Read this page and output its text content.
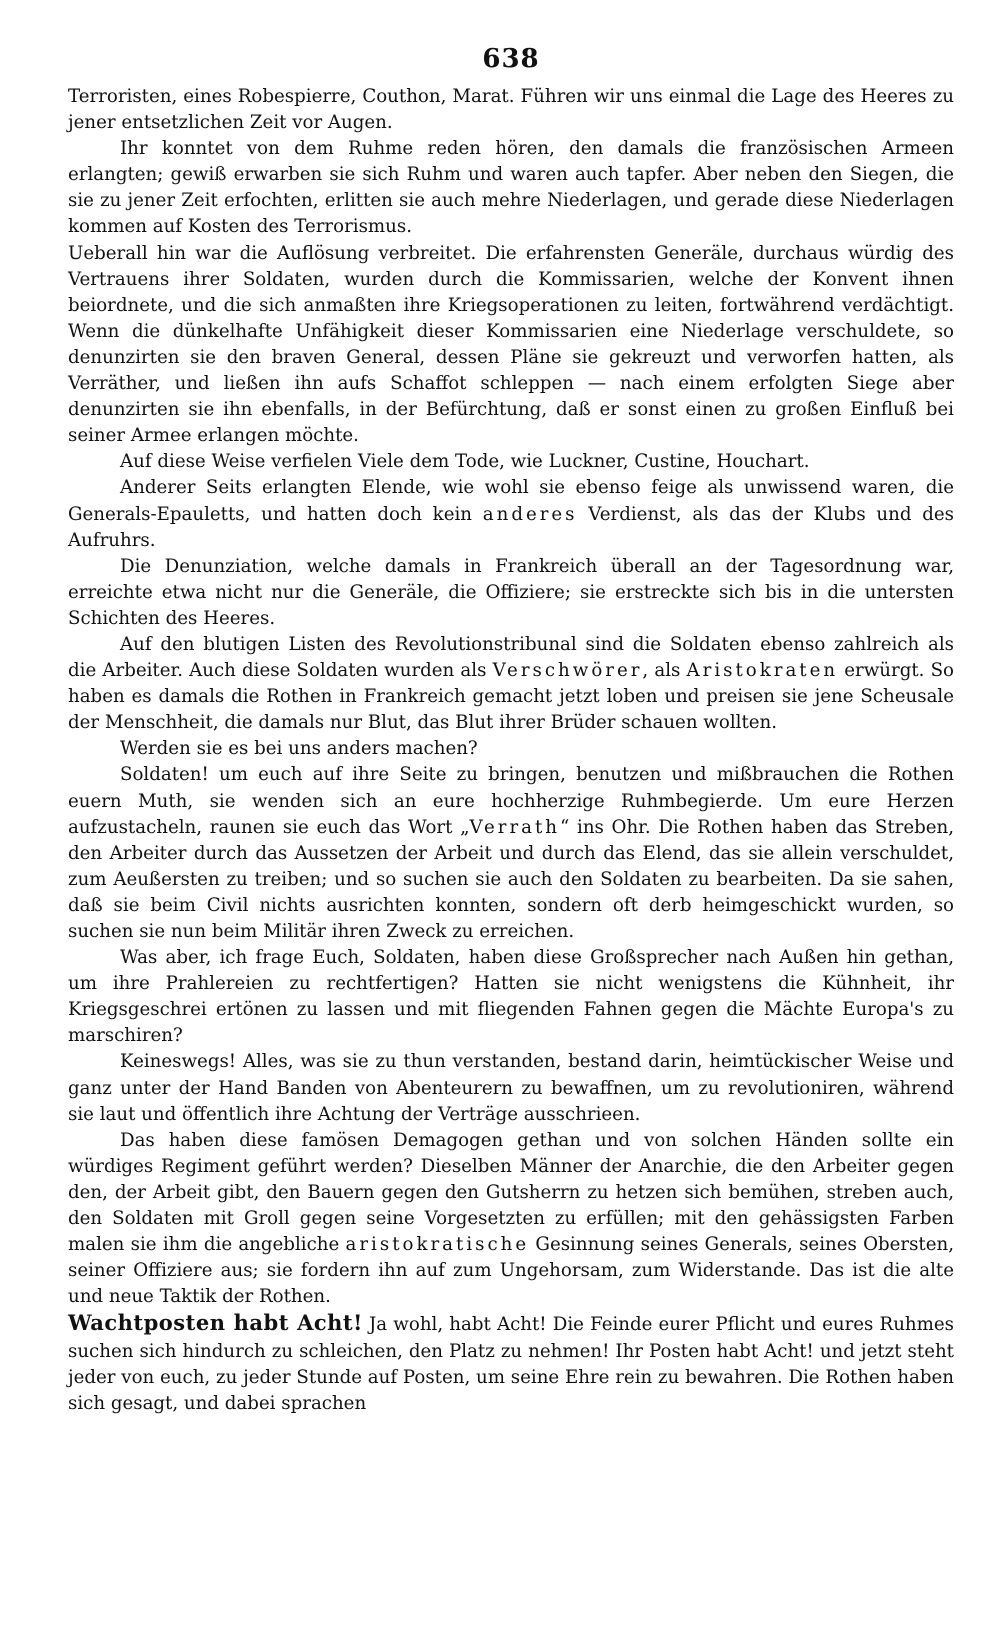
638

Terroristen, eines Robespierre, Couthon, Marat. Führen wir uns einmal die Lage des Heeres zu jener entsetzlichen Zeit vor Augen.

Ihr konntet von dem Ruhme reden hören, den damals die französischen Armeen erlangten; gewiß erwarben sie sich Ruhm und waren auch tapfer. Aber neben den Siegen, die sie zu jener Zeit erfochten, erlitten sie auch mehre Niederlagen, und gerade diese Niederlagen kommen auf Kosten des Terrorismus.

Ueberall hin war die Auflösung verbreitet. Die erfahrensten Generäle, durchaus würdig des Vertrauens ihrer Soldaten, wurden durch die Kommissarien, welche der Konvent ihnen beiordnete, und die sich anmaßten ihre Kriegsoperationen zu leiten, fortwährend verdächtigt. Wenn die dünkelhafte Unfähigkeit dieser Kommissarien eine Niederlage verschuldete, so denunzirten sie den braven General, dessen Pläne sie gekreuzt und verworfen hatten, als Verräther, und ließen ihn aufs Schaffot schleppen — nach einem erfolgten Siege aber denunzirten sie ihn ebenfalls, in der Befürchtung, daß er sonst einen zu großen Einfluß bei seiner Armee erlangen möchte.

Auf diese Weise verfielen Viele dem Tode, wie Luckner, Custine, Houchart.

Anderer Seits erlangten Elende, wie wohl sie ebenso feige als unwissend waren, die Generals-Epauletts, und hatten doch kein anderes Verdienst, als das der Klubs und des Aufruhrs.

Die Denunziation, welche damals in Frankreich überall an der Tagesordnung war, erreichte etwa nicht nur die Generäle, die Offiziere; sie erstreckte sich bis in die untersten Schichten des Heeres.

Auf den blutigen Listen des Revolutionstribunal sind die Soldaten ebenso zahlreich als die Arbeiter. Auch diese Soldaten wurden als Verschwörer, als Aristokraten erwürgt. So haben es damals die Rothen in Frankreich gemacht jetzt loben und preisen sie jene Scheusale der Menschheit, die damals nur Blut, das Blut ihrer Brüder schauen wollten.

Werden sie es bei uns anders machen?

Soldaten! um euch auf ihre Seite zu bringen, benutzen und mißbrauchen die Rothen euern Muth, sie wenden sich an eure hochherzige Ruhmbegierde. Um eure Herzen aufzustacheln, raunen sie euch das Wort „Verrath“ ins Ohr. Die Rothen haben das Streben, den Arbeiter durch das Aussetzen der Arbeit und durch das Elend, das sie allein verschuldet, zum Aeußersten zu treiben; und so suchen sie auch den Soldaten zu bearbeiten. Da sie sahen, daß sie beim Civil nichts ausrichten konnten, sondern oft derb heimgeschickt wurden, so suchen sie nun beim Militär ihren Zweck zu erreichen.

Was aber, ich frage Euch, Soldaten, haben diese Großsprecher nach Außen hin gethan, um ihre Prahlereien zu rechtfertigen? Hatten sie nicht wenigstens die Kühnheit, ihr Kriegsgeschrei ertönen zu lassen und mit fliegenden Fahnen gegen die Mächte Europa's zu marschiren?

Keineswegs! Alles, was sie zu thun verstanden, bestand darin, heimtückischer Weise und ganz unter der Hand Banden von Abenteurern zu bewaffnen, um zu revolutioniren, während sie laut und öffentlich ihre Achtung der Verträge ausschrieen.

Das haben diese famösen Demagogen gethan und von solchen Händen sollte ein würdiges Regiment geführt werden? Dieselben Männer der Anarchie, die den Arbeiter gegen den, der Arbeit gibt, den Bauern gegen den Gutsherrn zu hetzen sich bemühen, streben auch, den Soldaten mit Groll gegen seine Vorgesetzten zu erfüllen; mit den gehässigsten Farben malen sie ihm die angebliche aristokratische Gesinnung seines Generals, seines Obersten, seiner Offiziere aus; sie fordern ihn auf zum Ungehorsam, zum Widerstande. Das ist die alte und neue Taktik der Rothen.

Wachtposten habt Acht! Ja wohl, habt Acht! Die Feinde eurer Pflicht und eures Ruhmes suchen sich hindurch zu schleichen, den Platz zu nehmen! Ihr Posten habt Acht! und jetzt steht jeder von euch, zu jeder Stunde auf Posten, um seine Ehre rein zu bewahren. Die Rothen haben sich gesagt, und dabei sprachen
